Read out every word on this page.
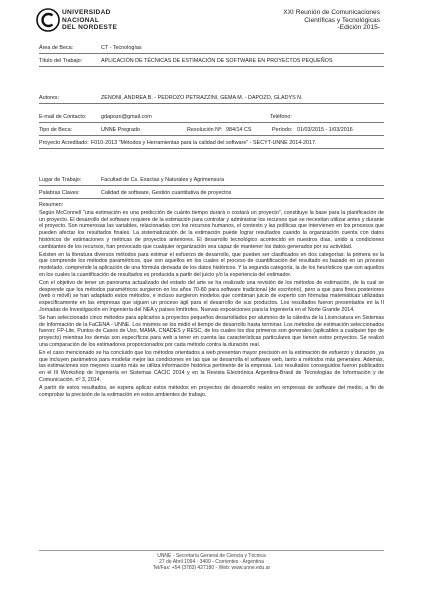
UNIVERSIDAD
NACIONAL
DEL NORDESTE
XXI Reunión de Comunicaciones
Científicas y Tecnológicas
-Edición 2015-
Área de Beca:	CT - Tecnologías
Título del Trabajo:	APLICACIÓN DE TÉCNICAS DE ESTIMACIÓN DE SOFTWARE EN PROYECTOS PEQUEÑOS
Autores:	ZENONI, ANDREA B. - PEDROZO PETRAZZINI, GEMA M. - DAPOZO, GLADYS N.
E-mail de Contacto:	gdapozo@gmail.com	Teléfono:
Tipo de Beca:	UNNE Pregrado	Resolución Nº: 984/14 CS	Período: 01/03/2015 - 1/03/2016
Proyecto Acreditado: F010-2013 "Métodos y Herramientas para la calidad del software" - SECYT-UNNE 2014-2017.
Lugar de Trabajo:	Facultad de Cs. Exactas y Naturales y Agrimensura
Palabras Claves:	Calidad de software, Gestión cuantitativa de proyectos

Resumen:

Según McConnell "una estimación es una predicción de cuánto tiempo durará o costará un proyecto", constituye la base para la planificación de un proyecto. El desarrollo del software requiere de la estimación para controlar y administrar los recursos que se necesitan utilizar antes y durante el proyecto. Son numerosas las variables, relacionadas con los recursos humanos, el contexto y las políticas que intervienen en los procesos que pueden afectar los resultados finales. La sistematización de la estimación puede lograr resultados cuando la organización cuenta con datos históricos de estimaciones y métricas de proyectos anteriores. El desarrollo tecnológico acontecido en nuestros días, unido a condiciones cambiantes de los recursos, han provocado que cualquier organización sea capaz de mantener los datos generados por su actividad.

Existen en la literatura diversos métodos para estimar el esfuerzo de desarrollo, que pueden ser clasificados en dos categorías: la primera es la que comprende los métodos paramétricos, que son aquellos en los cuales el proceso de cuantificación del resultado es basado en un proceso modelado, comprende la aplicación de una fórmula derivada de los datos históricos. Y la segunda categoría, la de los heurísticos que son aquellos en los cuales la cuantificación de resultados es producida a partir del juicio y/o la experiencia del estimador.

Con el objetivo de tener un panorama actualizado del estado del arte se ha realizado una revisión de los métodos de estimación, de la cual se desprende que los métodos paramétricos surgieron en los años 70-80 para software tradicional (de escritorio), pero a que para fines posteriores (web o móvil) se han adaptado estos métodos, e incluso surgieron modelos que combinan juicio de experto con fórmulas matemáticas utilizadas específicamente en las empresas que siguen un proceso ágil para el desarrollo de sus productos. Los resultados fueron presentados en la II Jornadas de Investigación en Ingeniería del NEA y países limítrofes. Nuevas exposiciones para la Ingeniería en el Norte Grande 2014.

Se han seleccionado cinco métodos para aplicarlos a proyectos pequeños desarrollados por alumnos de la cátedra de la Licenciatura en Sistemas de Información de la FaCENA - UNNE. Los mismos se los midió el tiempo de desarrollo hasta terminar. Los métodos de estimación seleccionados fueron: FP-Lite, Puntos de Casos de Uso, MAMA, CNADES y RESC, de los cuales los dos primeros son generales (aplicables a cualquier tipo de proyecto) mientras los demás son específicos para web a tener en cuenta las características particulares que tienen estos proyectos. Se realizó una comparación de los estimadores proporcionados por cada método contra la duración real.

En el caso mencionado se ha concluido que los métodos orientados a web presentan mayor precisión en la estimación de esfuerzo y duración, ya que incluyen parámetros para modelar mejor las condiciones en las que se desarrolla el software web, tanto a métodos más generales. Además, las estimaciones son mejores cuanto más se utiliza información histórica pertinente de la empresa. Los resultados conseguidos fueron publicados en el III Workshop de Ingeniería en Sistemas CACIC 2014 y en la Revista Electrónica Argentina-Brasil de Tecnologías de Información y de Comunicación, nº 3, 2014.

A partir de estos resultados, se espera aplicar estos métodos en proyectos de desarrollo reales en empresas de software del medio, a fin de comprobar la precisión de la estimación en estos ambientes de trabajo.

UNNE - Secretaría General de Ciencia y Técnica
27 de Abril 1094 - 3400 - Corrientes - Argentina
Tel/Fax: +54 (3783) 427180 - Web: www.unne.edu.ar
